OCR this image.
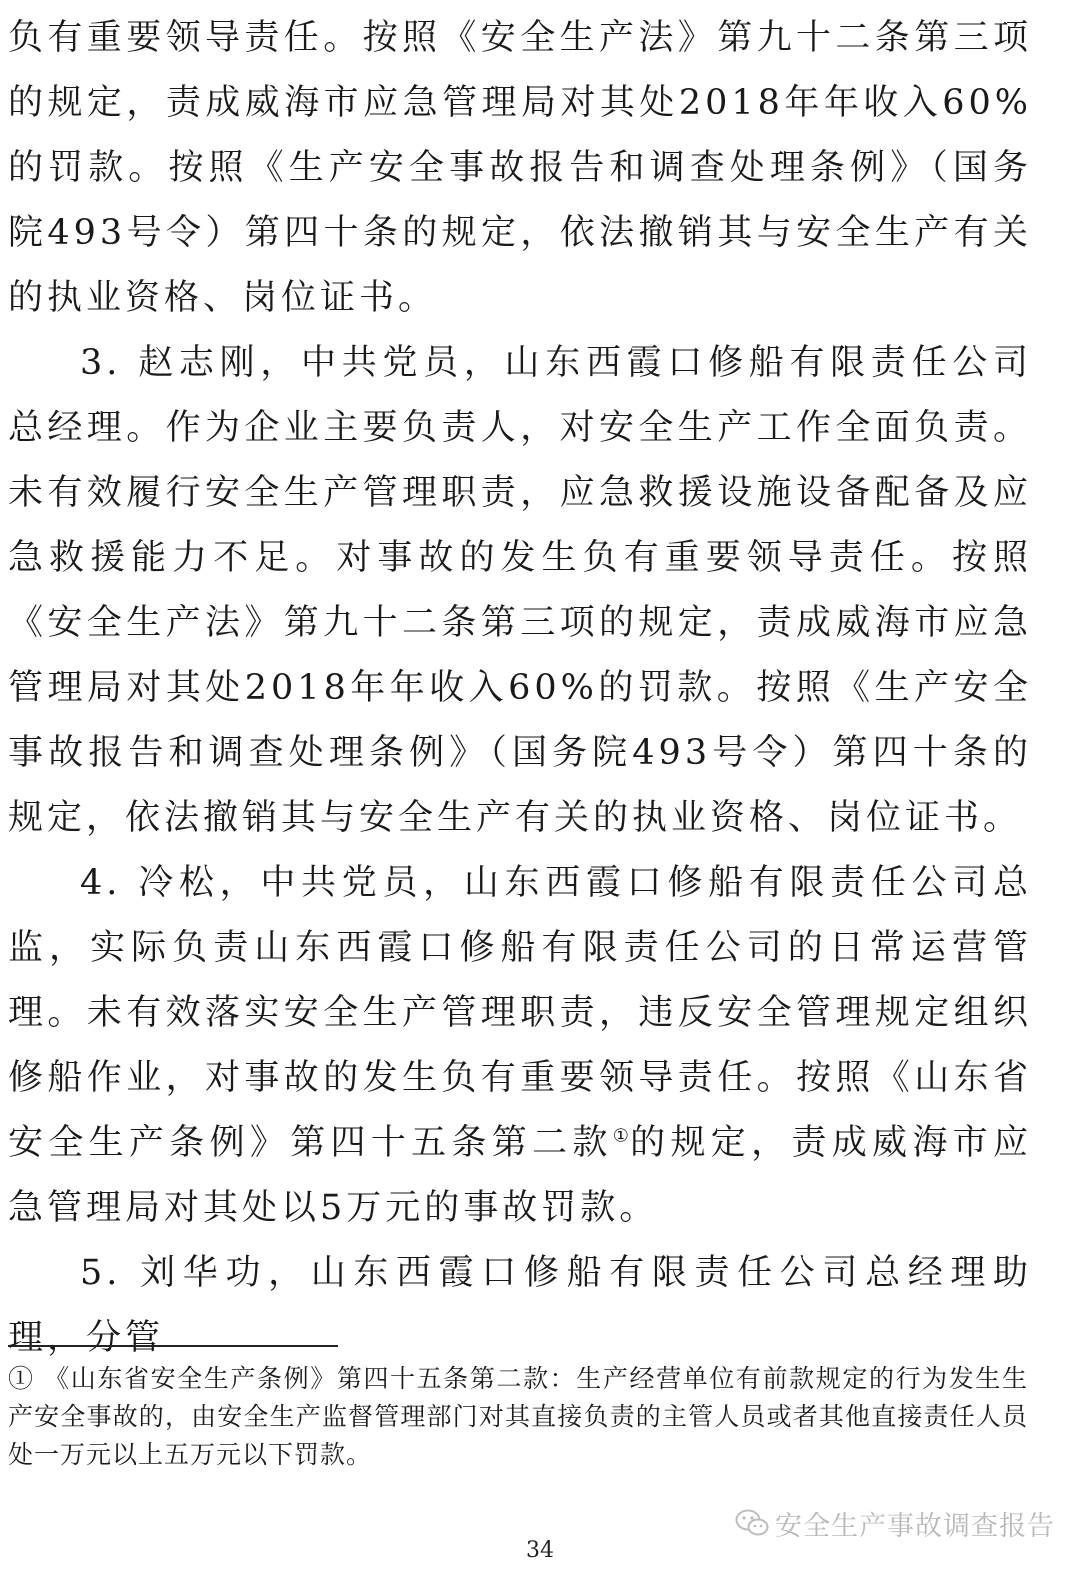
负有重要领导责任。按照《安全生产法》第九十二条第三项的规定，责成威海市应急管理局对其处2018年年收入60%的罚款。按照《生产安全事故报告和调查处理条例》（国务院493号令）第四十条的规定，依法撤销其与安全生产有关的执业资格、岗位证书。

3. 赵志刚，中共党员，山东西霞口修船有限责任公司总经理。作为企业主要负责人，对安全生产工作全面负责。未有效履行安全生产管理职责，应急救援设施设备配备及应急救援能力不足。对事故的发生负有重要领导责任。按照《安全生产法》第九十二条第三项的规定，责成威海市应急管理局对其处2018年年收入60%的罚款。按照《生产安全事故报告和调查处理条例》（国务院493号令）第四十条的规定，依法撤销其与安全生产有关的执业资格、岗位证书。

4. 冷松，中共党员，山东西霞口修船有限责任公司总监，实际负责山东西霞口修船有限责任公司的日常运营管理。未有效落实安全生产管理职责，违反安全管理规定组织修船作业，对事故的发生负有重要领导责任。按照《山东省安全生产条例》第四十五条第二款①的规定，责成威海市应急管理局对其处以5万元的事故罚款。

5. 刘华功，山东西霞口修船有限责任公司总经理助理，分管

① 《山东省安全生产条例》第四十五条第二款：生产经营单位有前款规定的行为发生生产安全事故的，由安全生产监督管理部门对其直接负责的主管人员或者其他直接责任人员处一万元以上五万元以下罚款。

安全生产事故调查报告
34
